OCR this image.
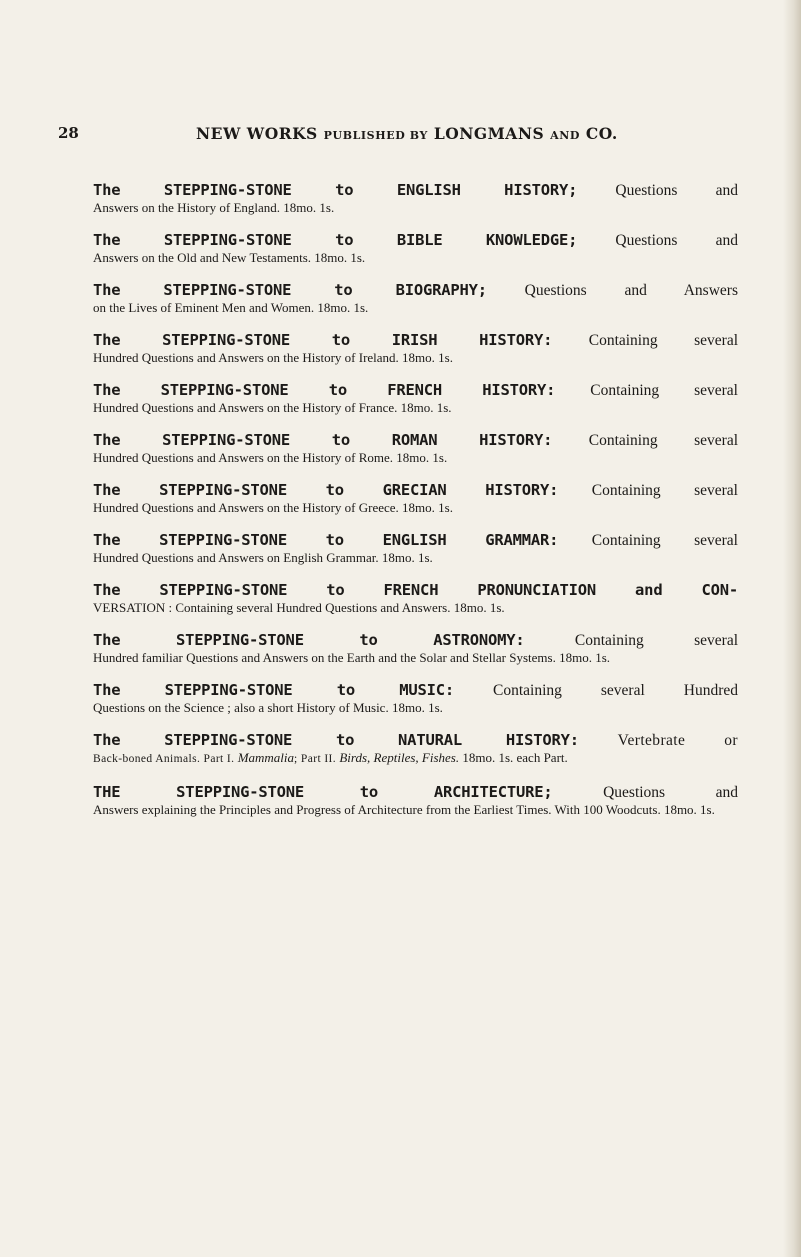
28	NEW WORKS PUBLISHED BY LONGMANS AND CO.

The STEPPING-STONE to ENGLISH HISTORY; Questions and

Answers on the History of England. 18mo. 1s.

The STEPPING-STONE to BIBLE KNOWLEDGE; Questions and

Answers on the Old and New Testaments. 18mo. 1s.

The STEPPING-STONE to BIOGRAPHY; Questions and Answers

on the Lives of Eminent Men and Women. 18mo. 1s.

The STEPPING-STONE to IRISH HISTORY: Containing several

Hundred Questions and Answers on the History of Ireland. 18mo. 1s.

The STEPPING-STONE to FRENCH HISTORY: Containing several

Hundred Questions and Answers on the History of France. 18mo. 1s.

The STEPPING-STONE to ROMAN HISTORY: Containing several

Hundred Questions and Answers on the History of Rome. 18mo. 1s.

The STEPPING-STONE to GRECIAN HISTORY: Containing several

Hundred Questions and Answers on the History of Greece. 18mo. 1s.

The STEPPING-STONE to ENGLISH GRAMMAR: Containing several

Hundred Questions and Answers on English Grammar. 18mo. 1s.

The STEPPING-STONE to FRENCH PRONUNCIATION and CON-

VERSATION : Containing several Hundred Questions and Answers. 18mo. 1s.

The STEPPING-STONE to ASTRONOMY: Containing several

Hundred familiar Questions and Answers on the Earth and the Solar and Stellar Systems. 18mo. 1s.

The STEPPING-STONE to MUSIC: Containing several Hundred

Questions on the Science ; also a short History of Music. 18mo. 1s.

The STEPPING-STONE to NATURAL HISTORY: Vertebrate or

Back-boned Animals. Part I. Mammalia; Part II. Birds, Reptiles, Fishes. 18mo. 1s. each Part.

THE STEPPING-STONE to ARCHITECTURE; Questions and

Answers explaining the Principles and Progress of Architecture from the Earliest Times. With 100 Woodcuts. 18mo. 1s.
